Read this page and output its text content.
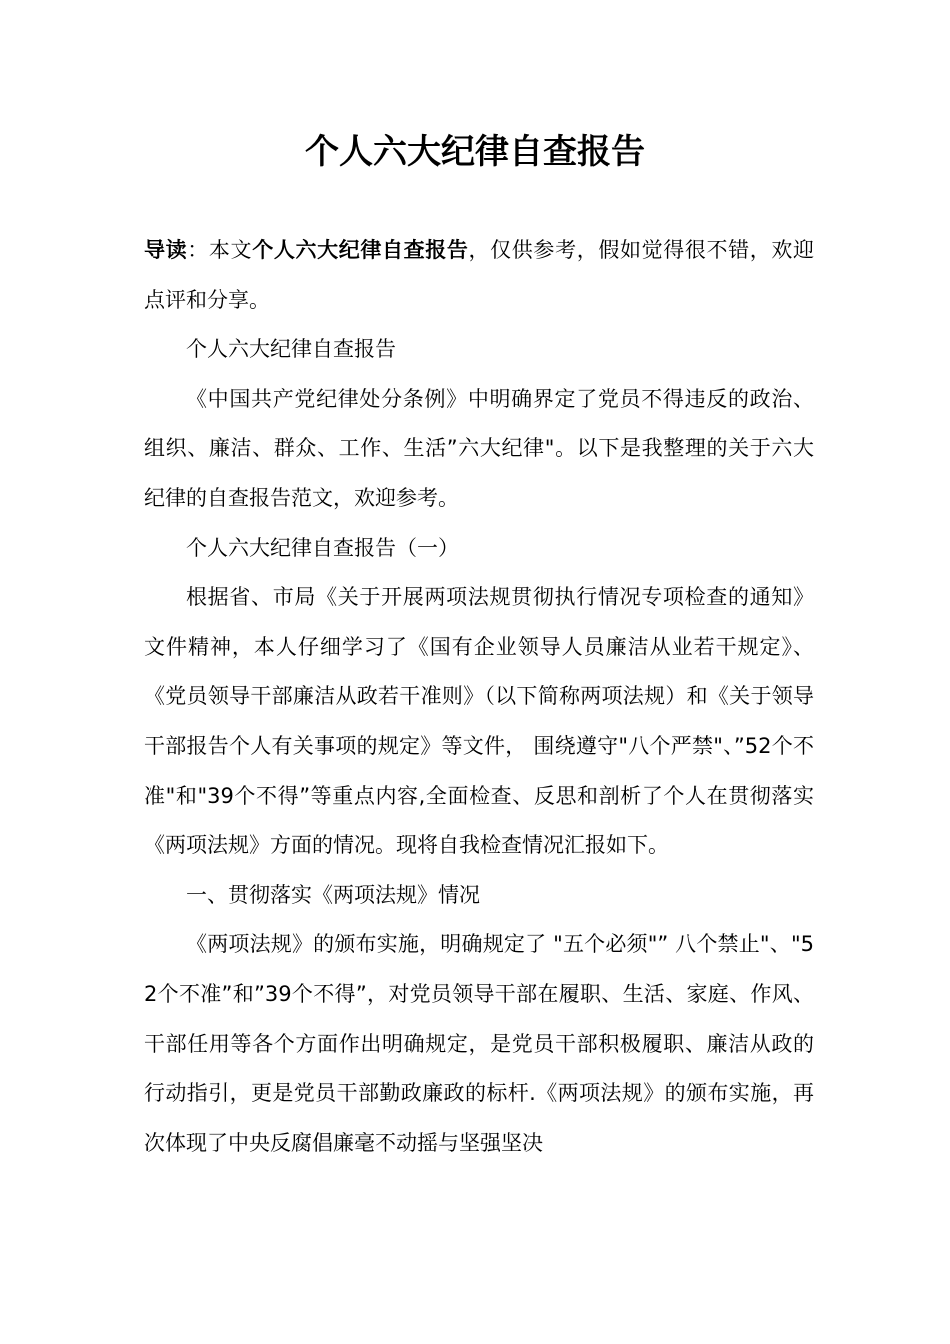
个人六大纪律自查报告

导读：本文个人六大纪律自查报告，仅供参考，假如觉得很不错，欢迎点评和分享。

个人六大纪律自查报告

《中国共产党纪律处分条例》中明确界定了党员不得违反的政治、组织、廉洁、群众、工作、生活”六大纪律"。以下是我整理的关于六大纪律的自查报告范文，欢迎参考。

个人六大纪律自查报告（一）

根据省、市局《关于开展两项法规贯彻执行情况专项检查的通知》文件精神，本人仔细学习了《国有企业领导人员廉洁从业若干规定》、《党员领导干部廉洁从政若干准则》（以下简称两项法规）和《关于领导干部报告个人有关事项的规定》等文件， 围绕遵守"八个严禁"、”52个不准"和"39个不得”等重点内容,全面检查、反思和剖析了个人在贯彻落实《两项法规》方面的情况。现将自我检查情况汇报如下。

一、贯彻落实《两项法规》情况

《两项法规》的颁布实施，明确规定了 "五个必须"” 八个禁止"、"52个不准”和”39个不得”，对党员领导干部在履职、生活、家庭、作风、干部任用等各个方面作出明确规定，是党员干部积极履职、廉洁从政的行动指引，更是党员干部勤政廉政的标杆.《两项法规》的颁布实施，再次体现了中央反腐倡廉毫不动摇与坚强坚决
